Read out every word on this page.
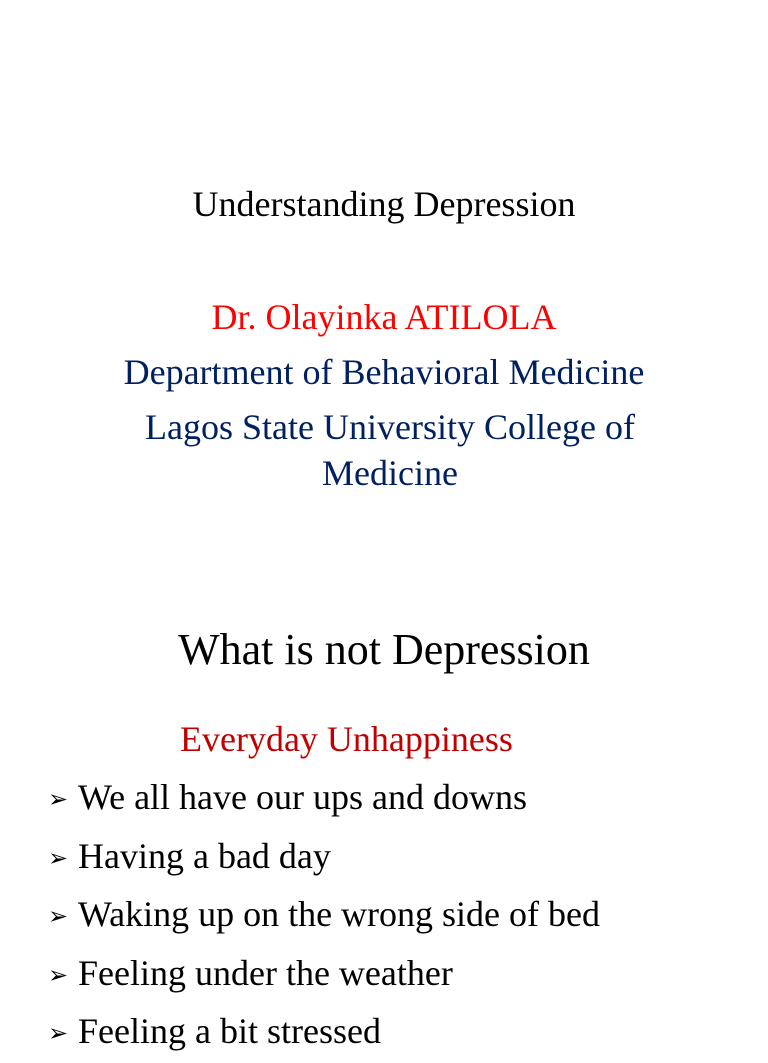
Understanding Depression
Dr. Olayinka ATILOLA
Department of Behavioral Medicine
Lagos State University College of Medicine
What is not Depression
Everyday Unhappiness
➢ We all have our ups and downs
➢ Having a bad day
➢ Waking up on the wrong side of bed
➢ Feeling under the weather
➢ Feeling a bit stressed
